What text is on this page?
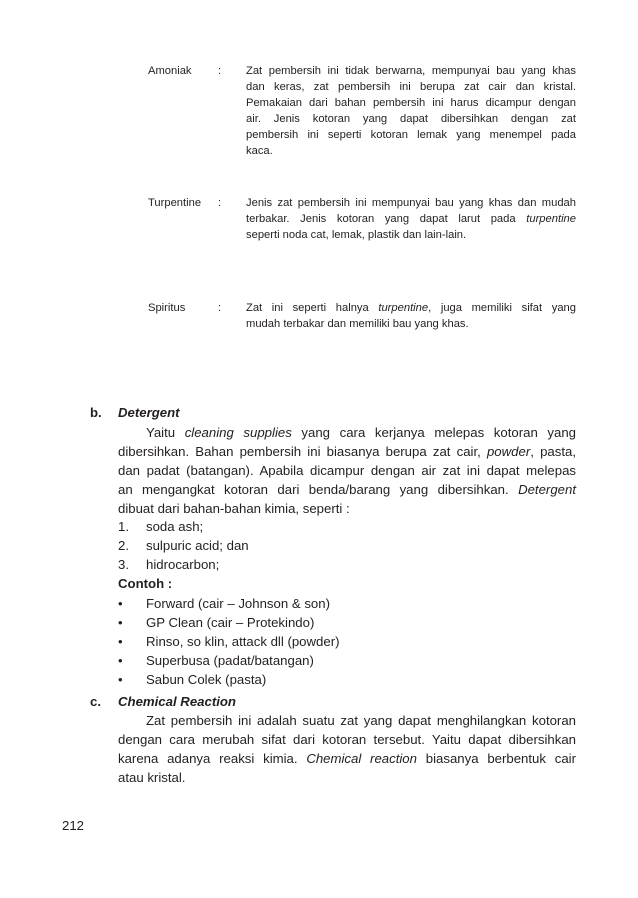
Amoniak : Zat pembersih ini tidak berwarna, mempunyai bau yang khas
dan keras, zat pembersih ini berupa zat cair dan kristal.
Pemakaian dari bahan pembersih ini harus dicampur dengan
air. Jenis kotoran yang dapat dibersihkan dengan zat
pembersih ini seperti kotoran lemak yang menempel pada
kaca.
Turpentine : Jenis zat pembersih ini mempunyai bau yang khas dan mudah
terbakar. Jenis kotoran yang dapat larut pada turpentine
seperti noda cat, lemak, plastik dan lain-lain.
Spiritus	: Zat ini seperti halnya turpentine, juga memiliki sifat yang
mudah terbakar dan memiliki bau yang khas.
b. Detergent
Yaitu cleaning supplies yang cara kerjanya melepas kotoran yang
dibersihkan. Bahan pembersih ini biasanya berupa zat cair, powder, pasta,
dan padat (batangan). Apabila dicampur dengan air zat ini dapat melepas
an mengangkat kotoran dari benda/barang yang dibersihkan. Detergent
dibuat dari bahan-bahan kimia, seperti :
1. soda ash;
2. sulpuric acid; dan
3. hidrocarbon;
Contoh :
• Forward (cair – Johnson & son)
• GP Clean (cair – Protekindo)
• Rinso, so klin, attack dll (powder)
• Superbusa (padat/batangan)
• Sabun Colek (pasta)
c. Chemical Reaction
Zat pembersih ini adalah suatu zat yang dapat menghilangkan kotoran
dengan cara merubah sifat dari kotoran tersebut. Yaitu dapat dibersihkan
karena adanya reaksi kimia. Chemical reaction biasanya berbentuk cair
atau kristal.
212
